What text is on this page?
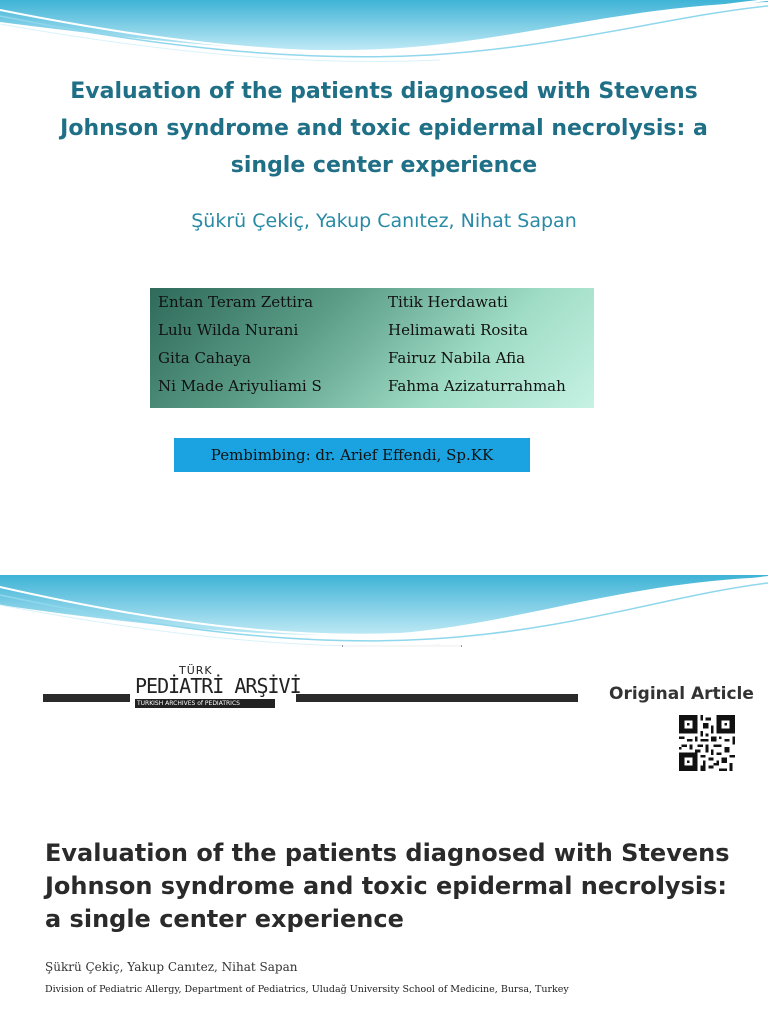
Evaluation of the patients diagnosed with Stevens Johnson syndrome and toxic epidermal necrolysis: a single center experience

Şükrü Çekiç, Yakup Canıtez, Nihat Sapan

Entan Teram Zettira
Lulu Wilda Nurani
Gita Cahaya
Ni Made Ariyuliami S
Titik Herdawati
Helimawati Rosita
Fairuz Nabila Afia
Fahma Azizaturrahmah
Pembimbing: dr. Arief Effendi, Sp.KK
TÜRK
PEDİATRİ ARŞİVİ
TURKISH ARCHIVES of PEDIATRICS	Original Article
Evaluation of the patients diagnosed with Stevens Johnson syndrome and toxic epidermal necrolysis: a single center experience
Şükrü Çekiç, Yakup Canıtez, Nihat Sapan
Division of Pediatric Allergy, Department of Pediatrics, Uludağ University School of Medicine, Bursa, Turkey
